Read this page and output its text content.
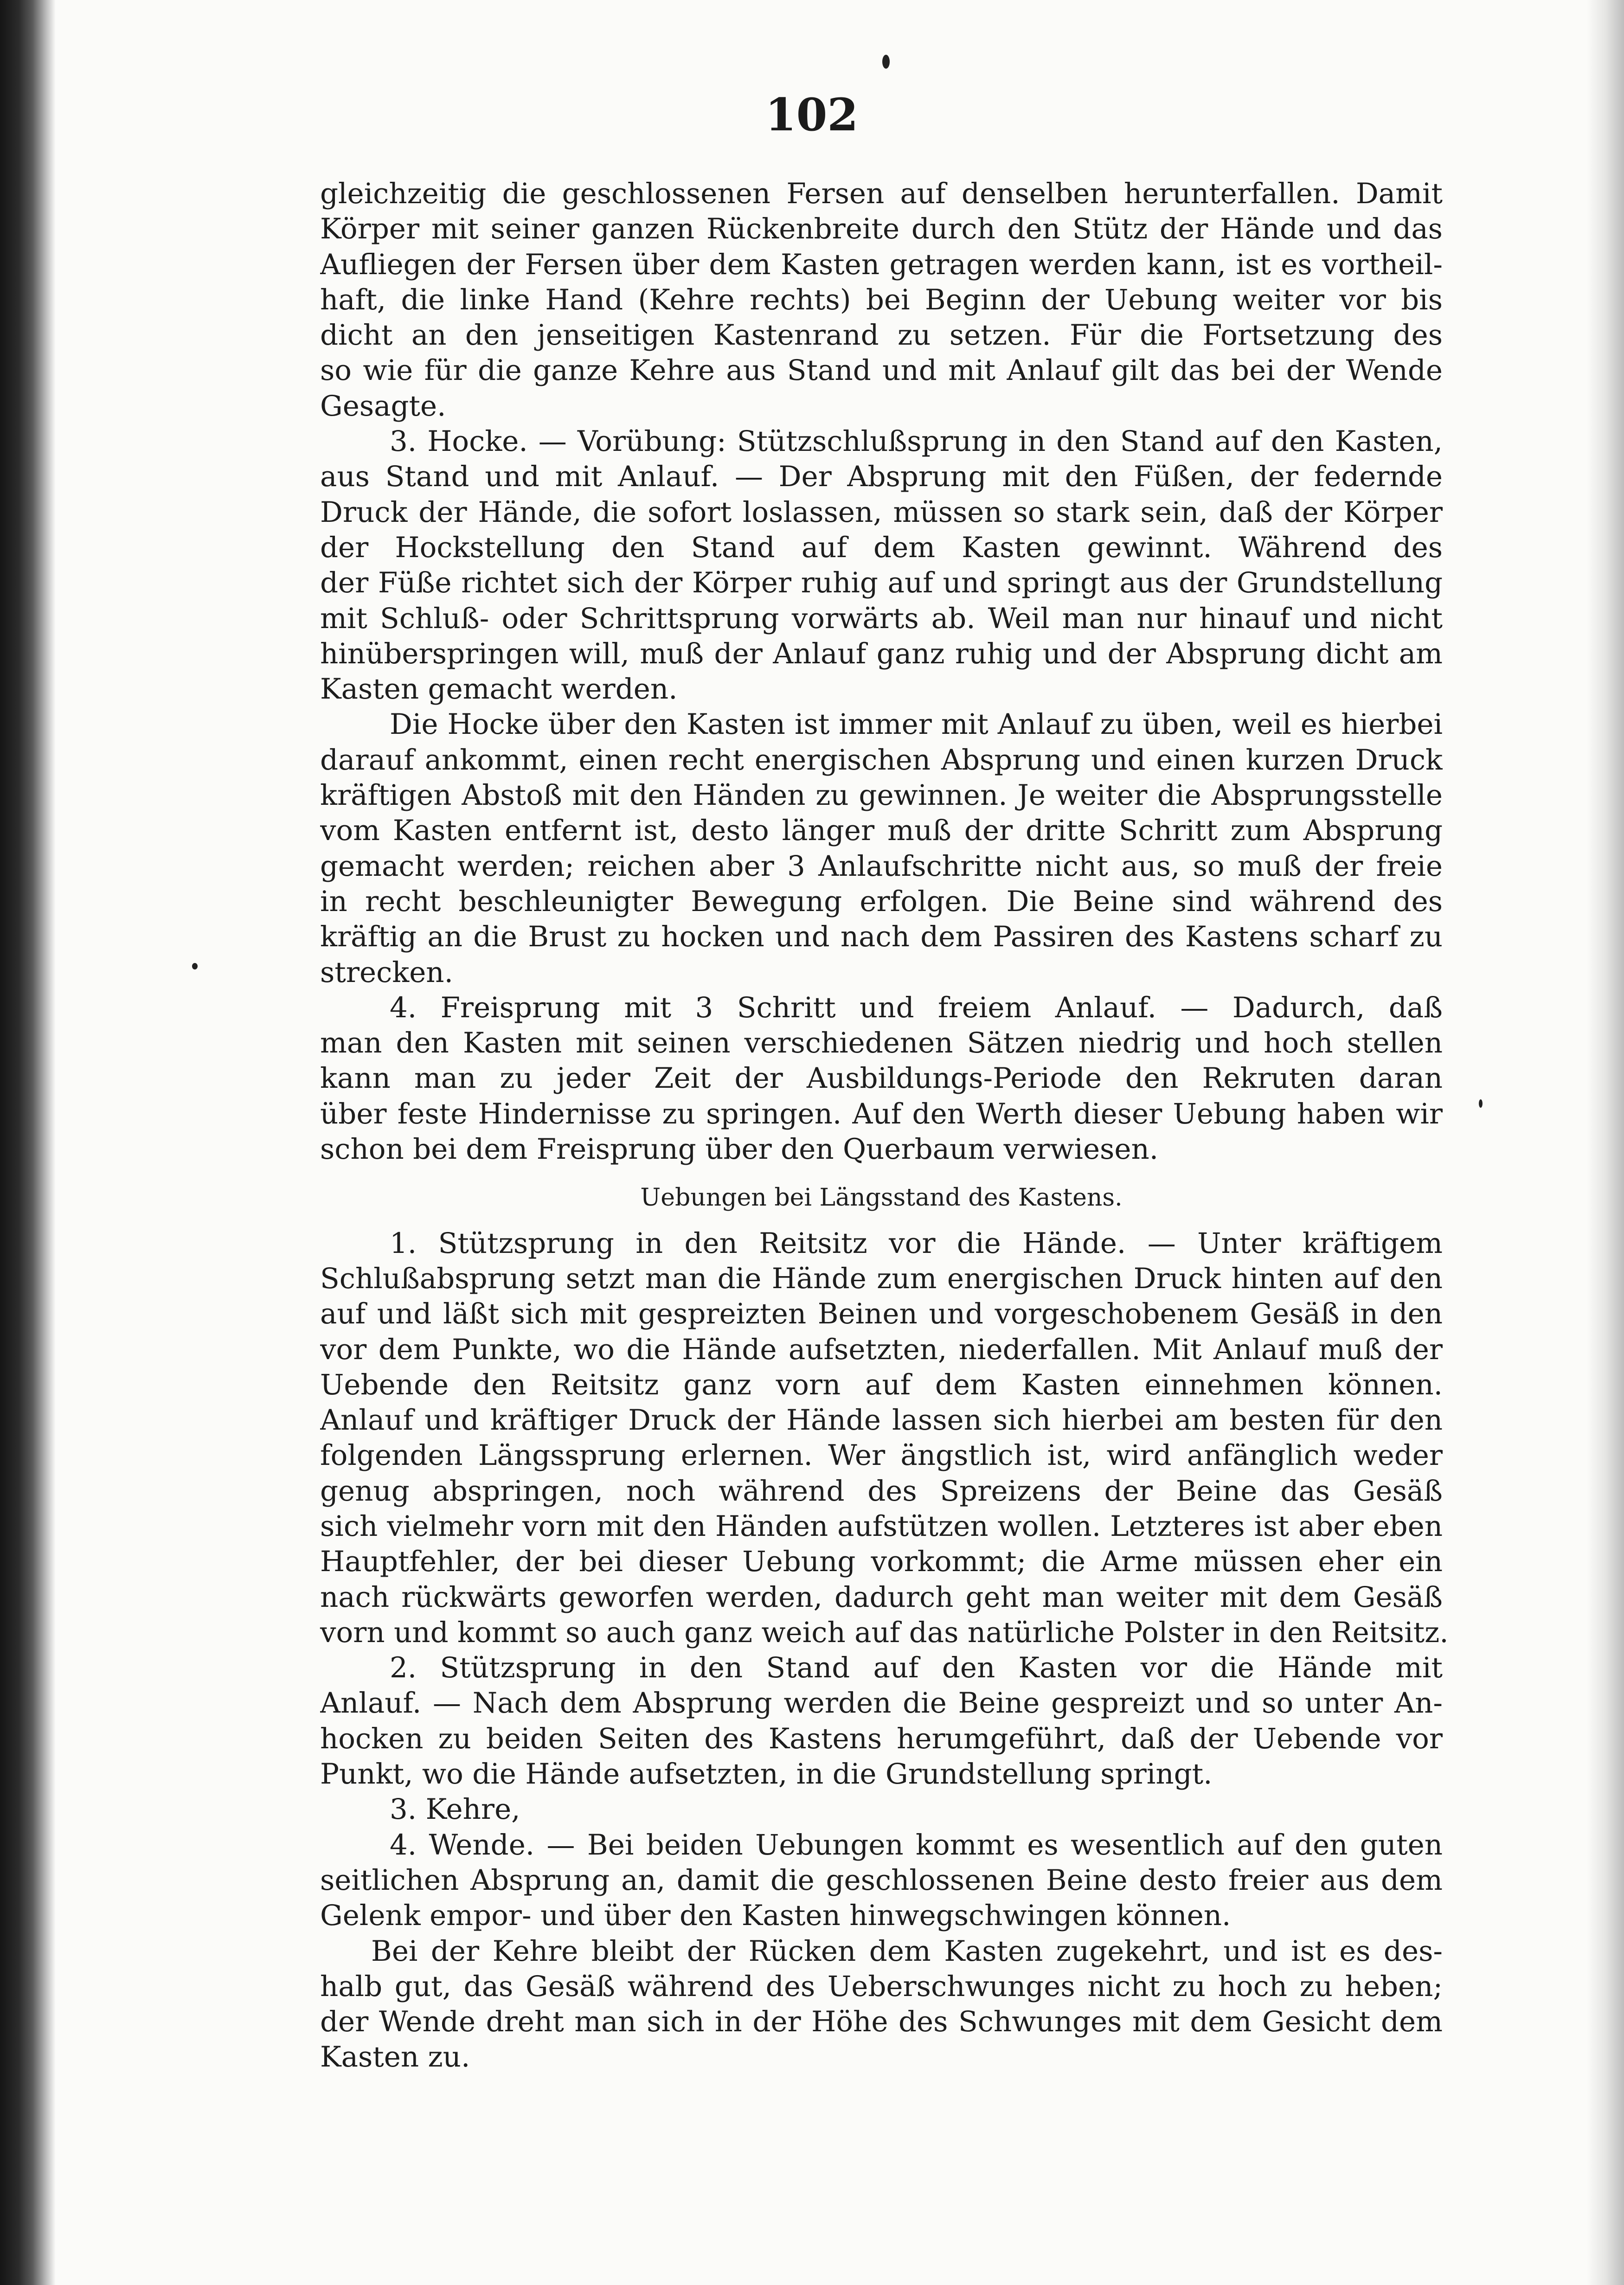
102
gleichzeitig die geschlossenen Fersen auf denselben herunterfallen. Damit
Körper mit seiner ganzen Rückenbreite durch den Stütz der Hände und das
Aufliegen der Fersen über dem Kasten getragen werden kann, ist es vortheil-
haft, die linke Hand (Kehre rechts) bei Beginn der Uebung weiter vor bis
dicht an den jenseitigen Kastenrand zu setzen. Für die Fortsetzung des
so wie für die ganze Kehre aus Stand und mit Anlauf gilt das bei der Wende
Gesagte.
3. Hocke. — Vorübung: Stützschlußsprung in den Stand auf den Kasten,
aus Stand und mit Anlauf. — Der Absprung mit den Füßen, der federnde
Druck der Hände, die sofort loslassen, müssen so stark sein, daß der Körper
der Hockstellung den Stand auf dem Kasten gewinnt. Während des
der Füße richtet sich der Körper ruhig auf und springt aus der Grundstellung
mit Schluß- oder Schrittsprung vorwärts ab. Weil man nur hinauf und nicht
hinüberspringen will, muß der Anlauf ganz ruhig und der Absprung dicht am
Kasten gemacht werden.
Die Hocke über den Kasten ist immer mit Anlauf zu üben, weil es hierbei
darauf ankommt, einen recht energischen Absprung und einen kurzen Druck
kräftigen Abstoß mit den Händen zu gewinnen. Je weiter die Absprungsstelle
vom Kasten entfernt ist, desto länger muß der dritte Schritt zum Absprung
gemacht werden; reichen aber 3 Anlaufschritte nicht aus, so muß der freie
in recht beschleunigter Bewegung erfolgen. Die Beine sind während des
kräftig an die Brust zu hocken und nach dem Passiren des Kastens scharf zu
strecken.
4. Freisprung mit 3 Schritt und freiem Anlauf. — Dadurch, daß
man den Kasten mit seinen verschiedenen Sätzen niedrig und hoch stellen
kann man zu jeder Zeit der Ausbildungs-Periode den Rekruten daran
über feste Hindernisse zu springen. Auf den Werth dieser Uebung haben wir
schon bei dem Freisprung über den Querbaum verwiesen.
Uebungen bei Längsstand des Kastens.
1. Stützsprung in den Reitsitz vor die Hände. — Unter kräftigem
Schlußabsprung setzt man die Hände zum energischen Druck hinten auf den
auf und läßt sich mit gespreizten Beinen und vorgeschobenem Gesäß in den
vor dem Punkte, wo die Hände aufsetzten, niederfallen. Mit Anlauf muß der
Uebende den Reitsitz ganz vorn auf dem Kasten einnehmen können.
Anlauf und kräftiger Druck der Hände lassen sich hierbei am besten für den
folgenden Längssprung erlernen. Wer ängstlich ist, wird anfänglich weder
genug abspringen, noch während des Spreizens der Beine das Gesäß
sich vielmehr vorn mit den Händen aufstützen wollen. Letzteres ist aber eben
Hauptfehler, der bei dieser Uebung vorkommt; die Arme müssen eher ein
nach rückwärts geworfen werden, dadurch geht man weiter mit dem Gesäß
vorn und kommt so auch ganz weich auf das natürliche Polster in den Reitsitz.
2. Stützsprung in den Stand auf den Kasten vor die Hände mit
Anlauf. — Nach dem Absprung werden die Beine gespreizt und so unter An-
hocken zu beiden Seiten des Kastens herumgeführt, daß der Uebende vor
Punkt, wo die Hände aufsetzten, in die Grundstellung springt.
3. Kehre,
4. Wende. — Bei beiden Uebungen kommt es wesentlich auf den guten
seitlichen Absprung an, damit die geschlossenen Beine desto freier aus dem
Gelenk empor- und über den Kasten hinwegschwingen können.
Bei der Kehre bleibt der Rücken dem Kasten zugekehrt, und ist es des-
halb gut, das Gesäß während des Ueberschwunges nicht zu hoch zu heben;
der Wende dreht man sich in der Höhe des Schwunges mit dem Gesicht dem
Kasten zu.
